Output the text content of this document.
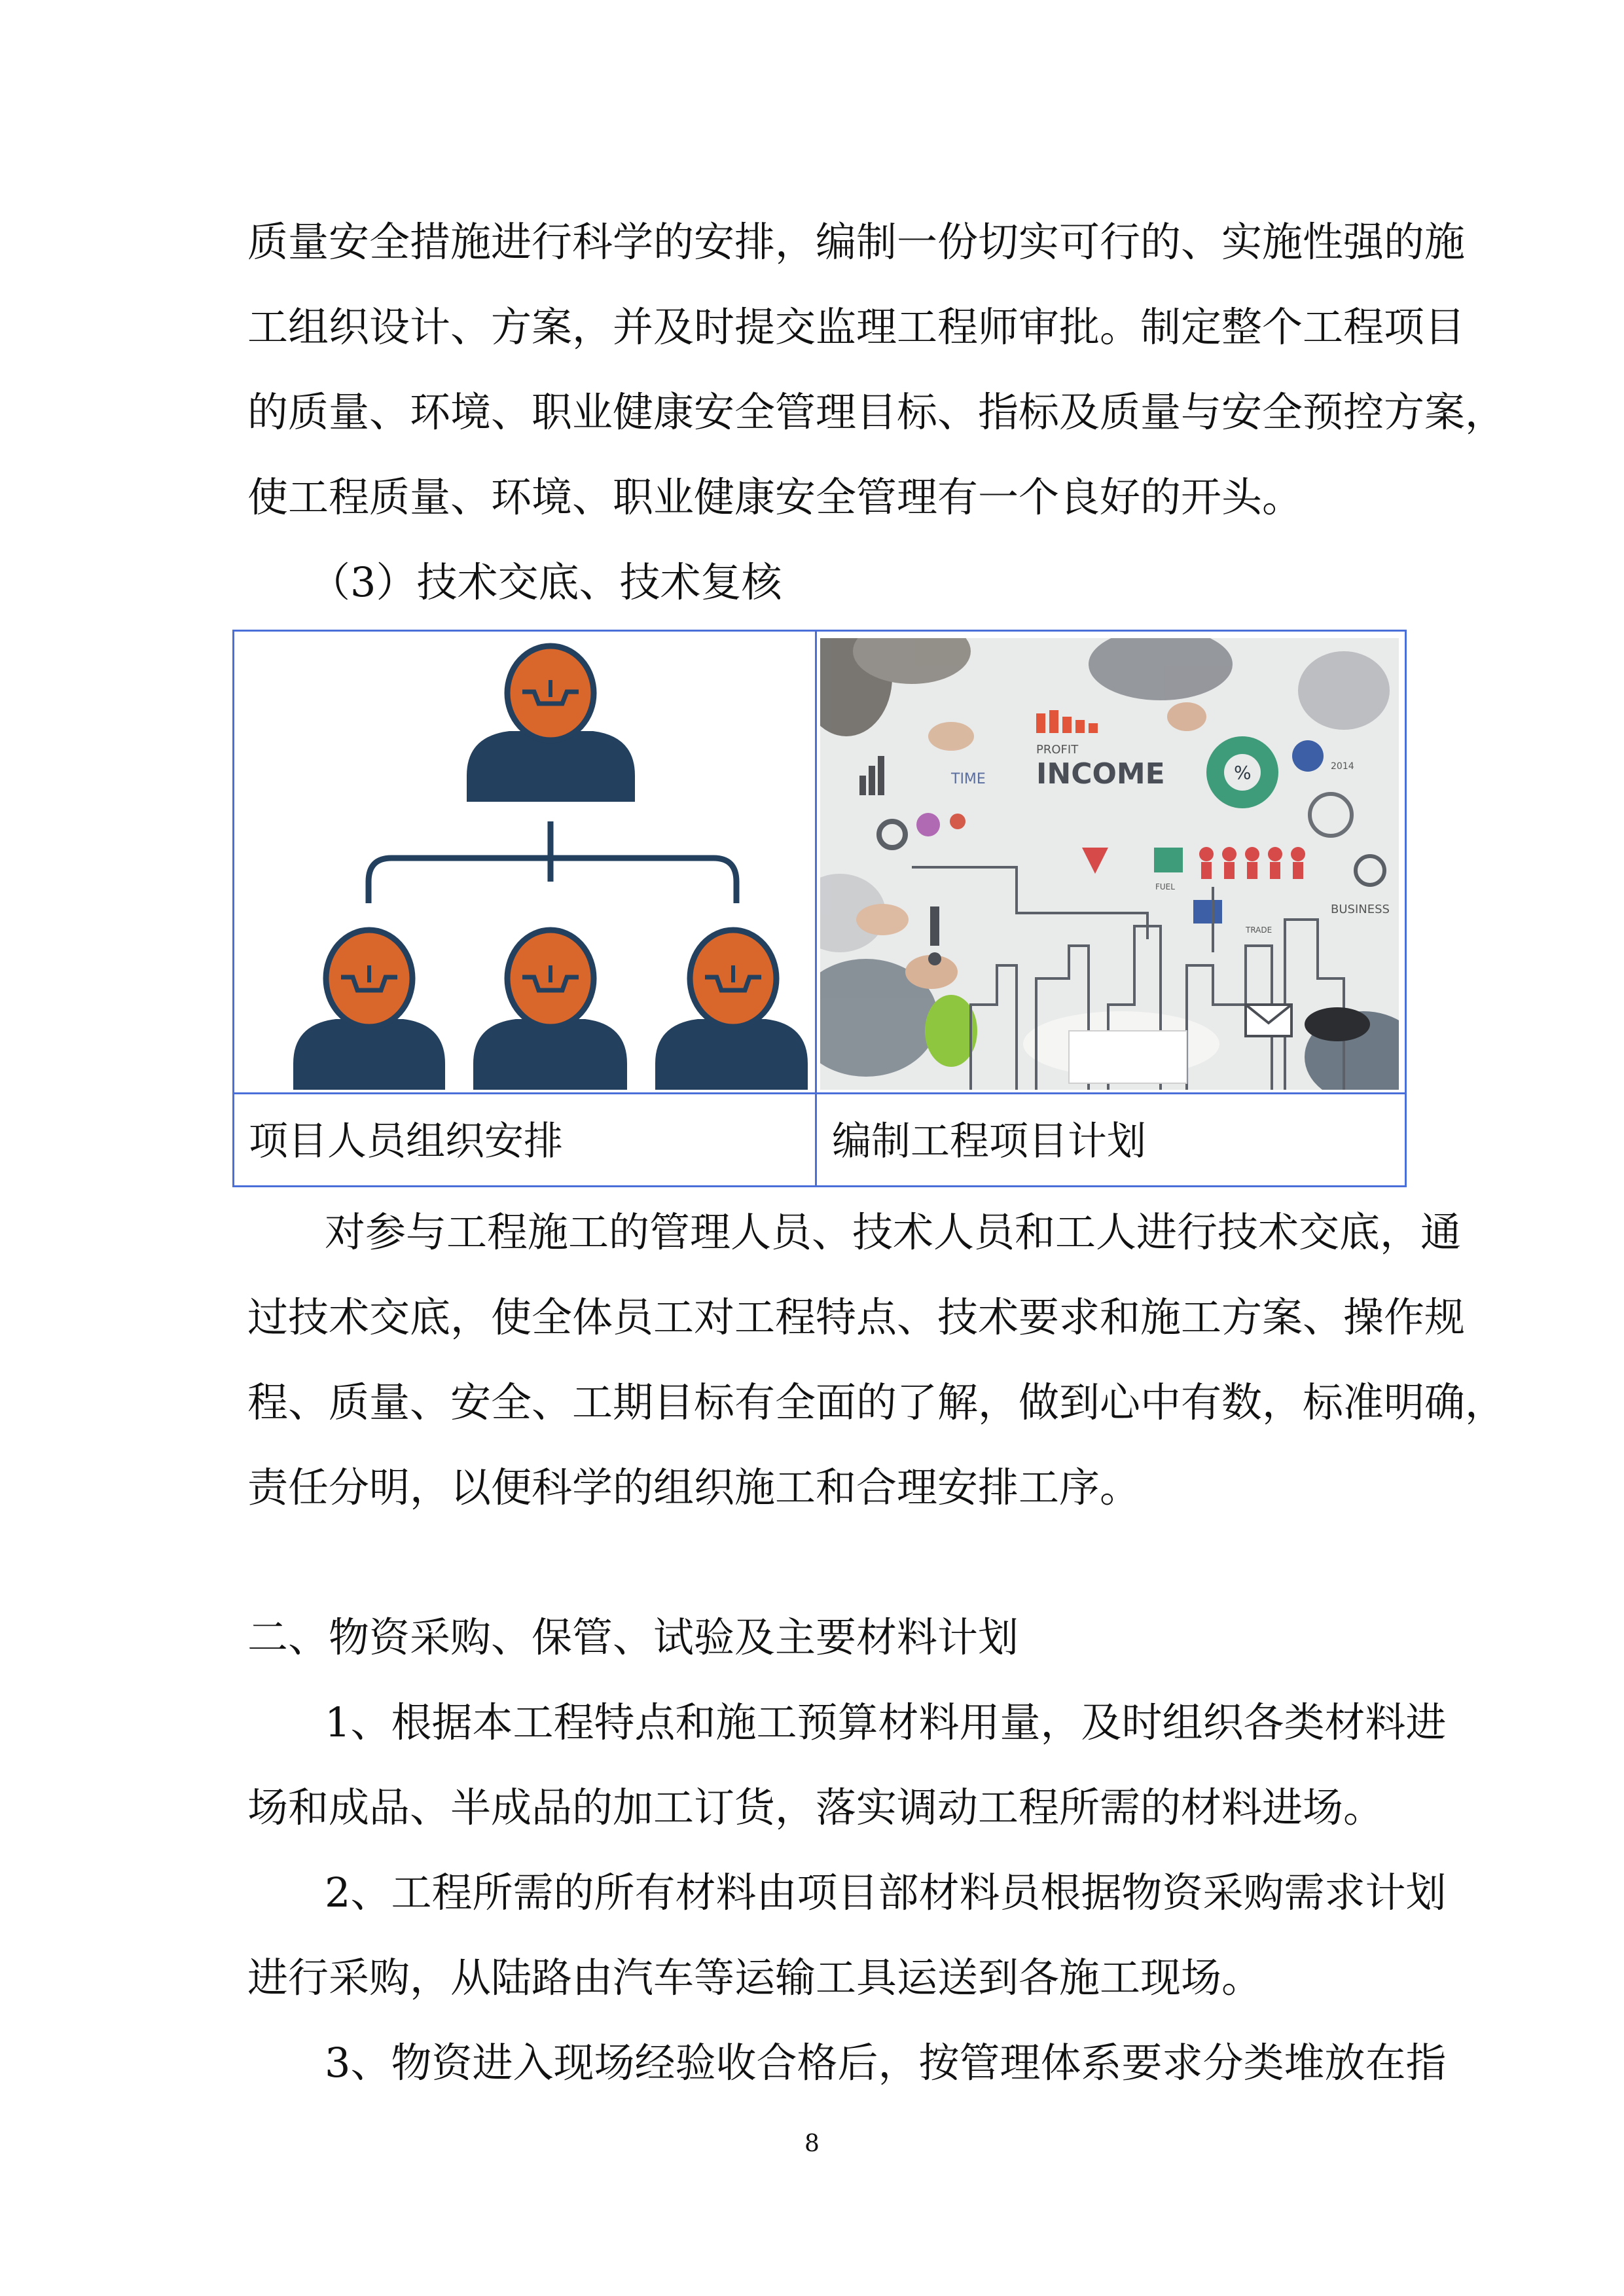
质量安全措施进行科学的安排，编制一份切实可行的、实施性强的施

工组织设计、方案，并及时提交监理工程师审批。制定整个工程项目

的质量、环境、职业健康安全管理目标、指标及质量与安全预控方案，

使工程质量、环境、职业健康安全管理有一个良好的开头。

（3）技术交底、技术复核

PROFIT
INCOME
TIME	%	2014
FUEL
BUSINESS
TRADE
项目人员组织安排	编制工程项目计划

对参与工程施工的管理人员、技术人员和工人进行技术交底，通

过技术交底，使全体员工对工程特点、技术要求和施工方案、操作规

程、质量、安全、工期目标有全面的了解，做到心中有数，标准明确，

责任分明，以便科学的组织施工和合理安排工序。

二、物资采购、保管、试验及主要材料计划

1、根据本工程特点和施工预算材料用量，及时组织各类材料进

场和成品、半成品的加工订货，落实调动工程所需的材料进场。

2、工程所需的所有材料由项目部材料员根据物资采购需求计划

进行采购，从陆路由汽车等运输工具运送到各施工现场。

3、物资进入现场经验收合格后，按管理体系要求分类堆放在指

8
